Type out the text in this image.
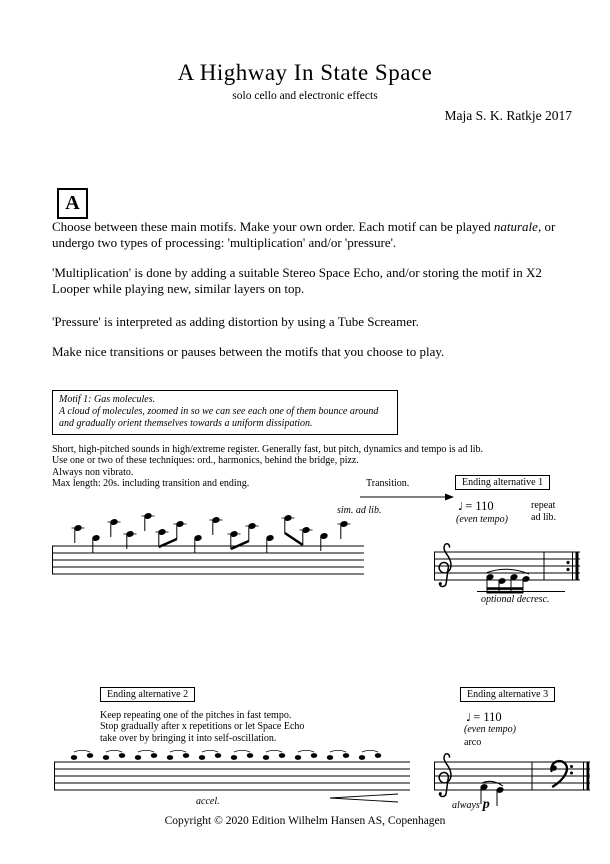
A Highway In State Space
solo cello and electronic effects
Maja S. K. Ratkje 2017
A
Choose between these main motifs. Make your own order. Each motif can be played naturale, or undergo two types of processing: 'multiplication' and/or 'pressure'.
'Multiplication' is done by adding a suitable Stereo Space Echo, and/or storing the motif in X2 Looper while playing new, similar layers on top.
'Pressure' is interpreted as adding distortion by using a Tube Screamer.
Make nice transitions or pauses between the motifs that you choose to play.
Motif 1: Gas molecules.
A cloud of molecules, zoomed in so we can see each one of them bounce around
and gradually orient themselves towards a uniform dissipation.
Short, high-pitched sounds in high/extreme register. Generally fast, but pitch, dynamics and tempo is ad lib.
Use one or two of these techniques: ord., harmonics, behind the bridge, pizz.
Always non vibrato.
Max length: 20s. including transition and ending.	Transition.	Ending alternative 1
sim. ad lib.	♩ = 110
(even tempo)
repeat
ad lib.
optional decresc.
Ending alternative 2
Keep repeating one of the pitches in fast tempo.
Stop gradually after x repetitions or let Space Echo
take over by bringing it into self-oscillation.
accel.
Ending alternative 3
♩ = 110
(even tempo)
arco
always p
Copyright © 2020 Edition Wilhelm Hansen AS, Copenhagen
